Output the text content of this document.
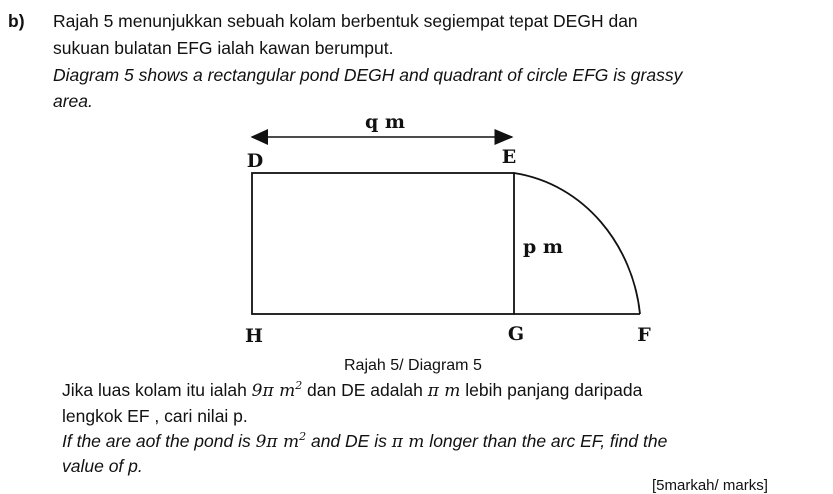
b) Rajah 5 menunjukkan sebuah kolam berbentuk segiempat tepat DEGH dan
sukuan bulatan EFG ialah kawan berumput.
Diagram 5 shows a rectangular pond DEGH and quadrant of circle EFG is grassy
area.
q m
D	E
H	G	F
p m
Rajah 5/ Diagram 5
Jika luas kolam itu ialah 9π $m^2$ dan DE adalah π m lebih panjang daripada
lengkok EF , cari nilai p.
If the are aof the pond is 9π $m^2$ and DE is π m longer than the arc EF, find the
value of p.
[5markah/ marks]
